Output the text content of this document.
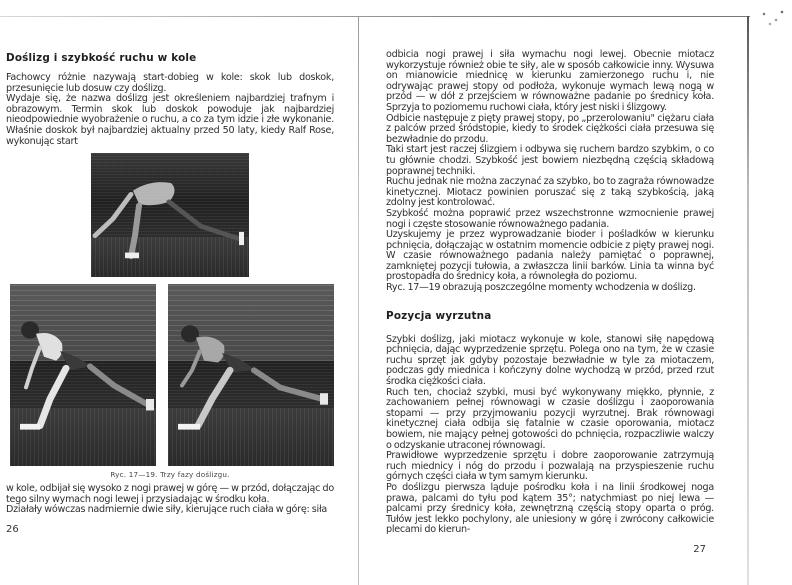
Doślizg i szybkość ruchu w kole

Fachowcy różnie nazywają start-dobieg w kole: skok lub doskok, przesunięcie lub dosuw czy doślizg.

Wydaje się, że nazwa doślizg jest określeniem najbardziej trafnym i obrazowym. Termin skok lub doskok powoduje jak najbardziej nieodpowiednie wyobrażenie o ruchu, a co za tym idzie i złe wykonanie. Właśnie doskok był najbardziej aktualny przed 50 laty, kiedy Ralf Rose, wykonując start

Ryc. 17—19. Trzy fazy doślizgu.

w kole, odbijał się wysoko z nogi prawej w górę — w przód, dołączając do tego silny wymach nogi lewej i przysiadając w środku koła.

Działały wówczas nadmiernie dwie siły, kierujące ruch ciała w górę: siła

26

odbicia nogi prawej i siła wymachu nogi lewej. Obecnie miotacz wykorzystuje również obie te siły, ale w sposób całkowicie inny. Wysuwa on mianowicie miednicę w kierunku zamierzonego ruchu i, nie odrywając prawej stopy od podłoża, wykonuje wymach lewą nogą w przód — w dół z przejściem w równoważne padanie po średnicy koła. Sprzyja to poziomemu ruchowi ciała, który jest niski i ślizgowy.

Odbicie następuje z pięty prawej stopy, po „przerolowaniu" ciężaru ciała z palców przed śródstopie, kiedy to środek ciężkości ciała przesuwa się bezwładnie do przodu.

Taki start jest raczej ślizgiem i odbywa się ruchem bardzo szybkim, o co tu głównie chodzi. Szybkość jest bowiem niezbędną częścią składową poprawnej techniki.

Ruchu jednak nie można zaczynać za szybko, bo to zagraża równowadze kinetycznej. Miotacz powinien poruszać się z taką szybkością, jaką zdolny jest kontrolować.

Szybkość można poprawić przez wszechstronne wzmocnienie prawej nogi i częste stosowanie równoważnego padania.

Uzyskujemy je przez wyprowadzanie bioder i pośladków w kierunku pchnięcia, dołączając w ostatnim momencie odbicie z pięty prawej nogi. W czasie równoważnego padania należy pamiętać o poprawnej, zamkniętej pozycji tułowia, a zwłaszcza linii barków. Linia ta winna być prostopadła do średnicy koła, a równoległa do poziomu.

Ryc. 17—19 obrazują poszczególne momenty wchodzenia w doślizg.

Pozycja wyrzutna

Szybki doślizg, jaki miotacz wykonuje w kole, stanowi siłę napędową pchnięcia, dając wyprzedzenie sprzętu. Polega ono na tym, że w czasie ruchu sprzęt jak gdyby pozostaje bezwładnie w tyle za miotaczem, podczas gdy miednica i kończyny dolne wychodzą w przód, przed rzut środka ciężkości ciała.

Ruch ten, chociaż szybki, musi być wykonywany miękko, płynnie, z zachowaniem pełnej równowagi w czasie doślizgu i zaoporowania stopami — przy przyjmowaniu pozycji wyrzutnej. Brak równowagi kinetycznej ciała odbija się fatalnie w czasie oporowania, miotacz bowiem, nie mający pełnej gotowości do pchnięcia, rozpaczliwie walczy o odzyskanie utraconej równowagi.

Prawidłowe wyprzedzenie sprzętu i dobre zaoporowanie zatrzymują ruch miednicy i nóg do przodu i pozwalają na przyspieszenie ruchu górnych części ciała w tym samym kierunku.

Po doślizgu pierwsza ląduje pośrodku koła i na linii środkowej noga prawa, palcami do tyłu pod kątem 35°; natychmiast po niej lewa — palcami przy średnicy koła, zewnętrzną częścią stopy oparta o próg. Tułów jest lekko pochylony, ale uniesiony w górę i zwrócony całkowicie plecami do kierun-

27
